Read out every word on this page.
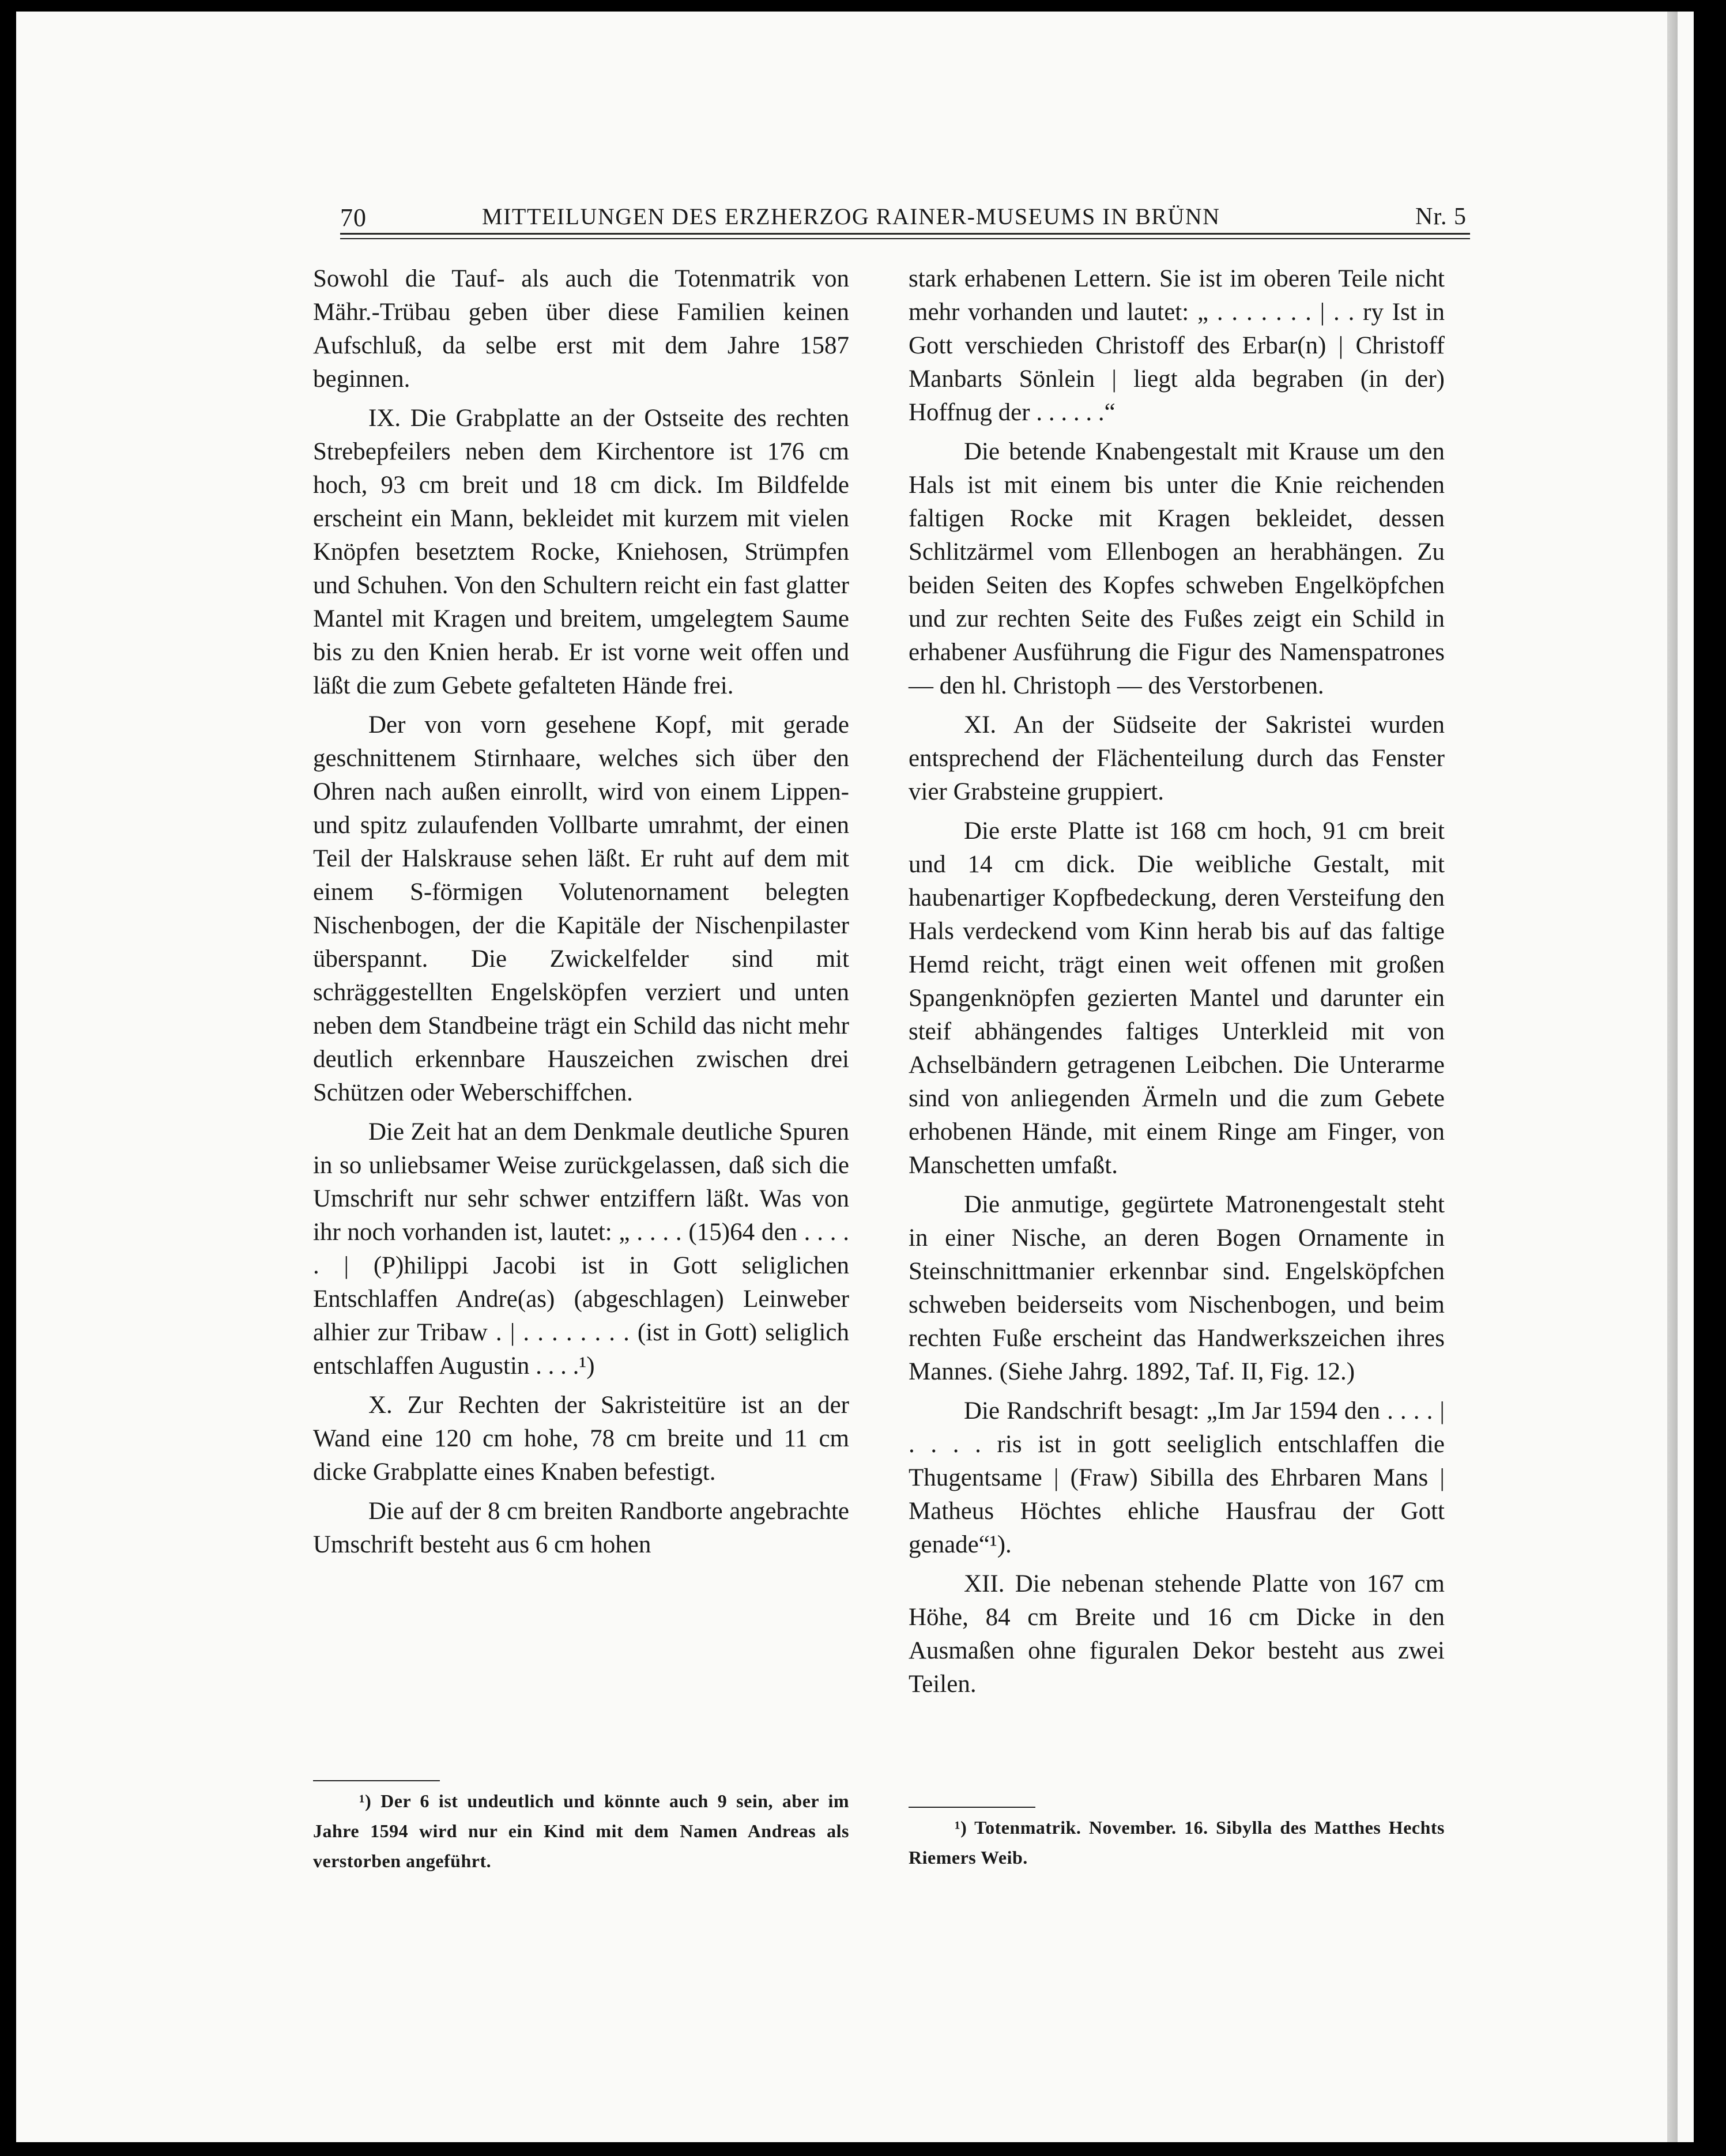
70	MITTEILUNGEN DES ERZHERZOG RAINER-MUSEUMS IN BRÜNN	Nr. 5

Sowohl die Tauf- als auch die Totenmatrik von Mähr.-Trübau geben über diese Familien keinen Aufschluß, da selbe erst mit dem Jahre 1587 beginnen.

IX. Die Grabplatte an der Ostseite des rechten Strebepfeilers neben dem Kirchentore ist 176 cm hoch, 93 cm breit und 18 cm dick. Im Bildfelde erscheint ein Mann, bekleidet mit kurzem mit vielen Knöpfen besetztem Rocke, Kniehosen, Strümpfen und Schuhen. Von den Schultern reicht ein fast glatter Mantel mit Kragen und breitem, umgelegtem Saume bis zu den Knien herab. Er ist vorne weit offen und läßt die zum Gebete gefalteten Hände frei.

Der von vorn gesehene Kopf, mit gerade geschnittenem Stirnhaare, welches sich über den Ohren nach außen einrollt, wird von einem Lippen- und spitz zulaufenden Vollbarte umrahmt, der einen Teil der Halskrause sehen läßt. Er ruht auf dem mit einem S-förmigen Volutenornament belegten Nischenbogen, der die Kapitäle der Nischenpilaster überspannt. Die Zwickelfelder sind mit schräggestellten Engelsköpfen verziert und unten neben dem Standbeine trägt ein Schild das nicht mehr deutlich erkennbare Hauszeichen zwischen drei Schützen oder Weberschiffchen.

Die Zeit hat an dem Denkmale deutliche Spuren in so unliebsamer Weise zurückgelassen, daß sich die Umschrift nur sehr schwer entziffern läßt. Was von ihr noch vorhanden ist, lautet: „ . . . . (15)64 den . . . . . | (P)hilippi Jacobi ist in Gott seliglichen Entschlaffen Andre(as) (abgeschlagen) Leinweber alhier zur Tribaw . | . . . . . . . . (ist in Gott) seliglich entschlaffen Augustin . . . .¹)

X. Zur Rechten der Sakristeitüre ist an der Wand eine 120 cm hohe, 78 cm breite und 11 cm dicke Grabplatte eines Knaben befestigt.

Die auf der 8 cm breiten Randborte angebrachte Umschrift besteht aus 6 cm hohen

¹) Der 6 ist undeutlich und könnte auch 9 sein, aber im Jahre 1594 wird nur ein Kind mit dem Namen Andreas als verstorben angeführt.

stark erhabenen Lettern. Sie ist im oberen Teile nicht mehr vorhanden und lautet: „ . . . . . . . | . . ry Ist in Gott verschieden Christoff des Erbar(n) | Christoff Manbarts Sönlein | liegt alda begraben (in der) Hoffnug der . . . . . .“

Die betende Knabengestalt mit Krause um den Hals ist mit einem bis unter die Knie reichenden faltigen Rocke mit Kragen bekleidet, dessen Schlitzärmel vom Ellenbogen an herabhängen. Zu beiden Seiten des Kopfes schweben Engelköpfchen und zur rechten Seite des Fußes zeigt ein Schild in erhabener Ausführung die Figur des Namenspatrones — den hl. Christoph — des Verstorbenen.

XI. An der Südseite der Sakristei wurden entsprechend der Flächenteilung durch das Fenster vier Grabsteine gruppiert.

Die erste Platte ist 168 cm hoch, 91 cm breit und 14 cm dick. Die weibliche Gestalt, mit haubenartiger Kopfbedeckung, deren Versteifung den Hals verdeckend vom Kinn herab bis auf das faltige Hemd reicht, trägt einen weit offenen mit großen Spangenknöpfen gezierten Mantel und darunter ein steif abhängendes faltiges Unterkleid mit von Achselbändern getragenen Leibchen. Die Unterarme sind von anliegenden Ärmeln und die zum Gebete erhobenen Hände, mit einem Ringe am Finger, von Manschetten umfaßt.

Die anmutige, gegürtete Matronengestalt steht in einer Nische, an deren Bogen Ornamente in Steinschnittmanier erkennbar sind. Engelsköpfchen schweben beiderseits vom Nischenbogen, und beim rechten Fuße erscheint das Handwerkszeichen ihres Mannes. (Siehe Jahrg. 1892, Taf. II, Fig. 12.)

Die Randschrift besagt: „Im Jar 1594 den . . . . | . . . . ris ist in gott seeliglich entschlaffen die Thugentsame | (Fraw) Sibilla des Ehrbaren Mans | Matheus Höchtes ehliche Hausfrau der Gott genade“¹).

XII. Die nebenan stehende Platte von 167 cm Höhe, 84 cm Breite und 16 cm Dicke in den Ausmaßen ohne figuralen Dekor besteht aus zwei Teilen.

¹) Totenmatrik. November. 16. Sibylla des Matthes Hechts Riemers Weib.
